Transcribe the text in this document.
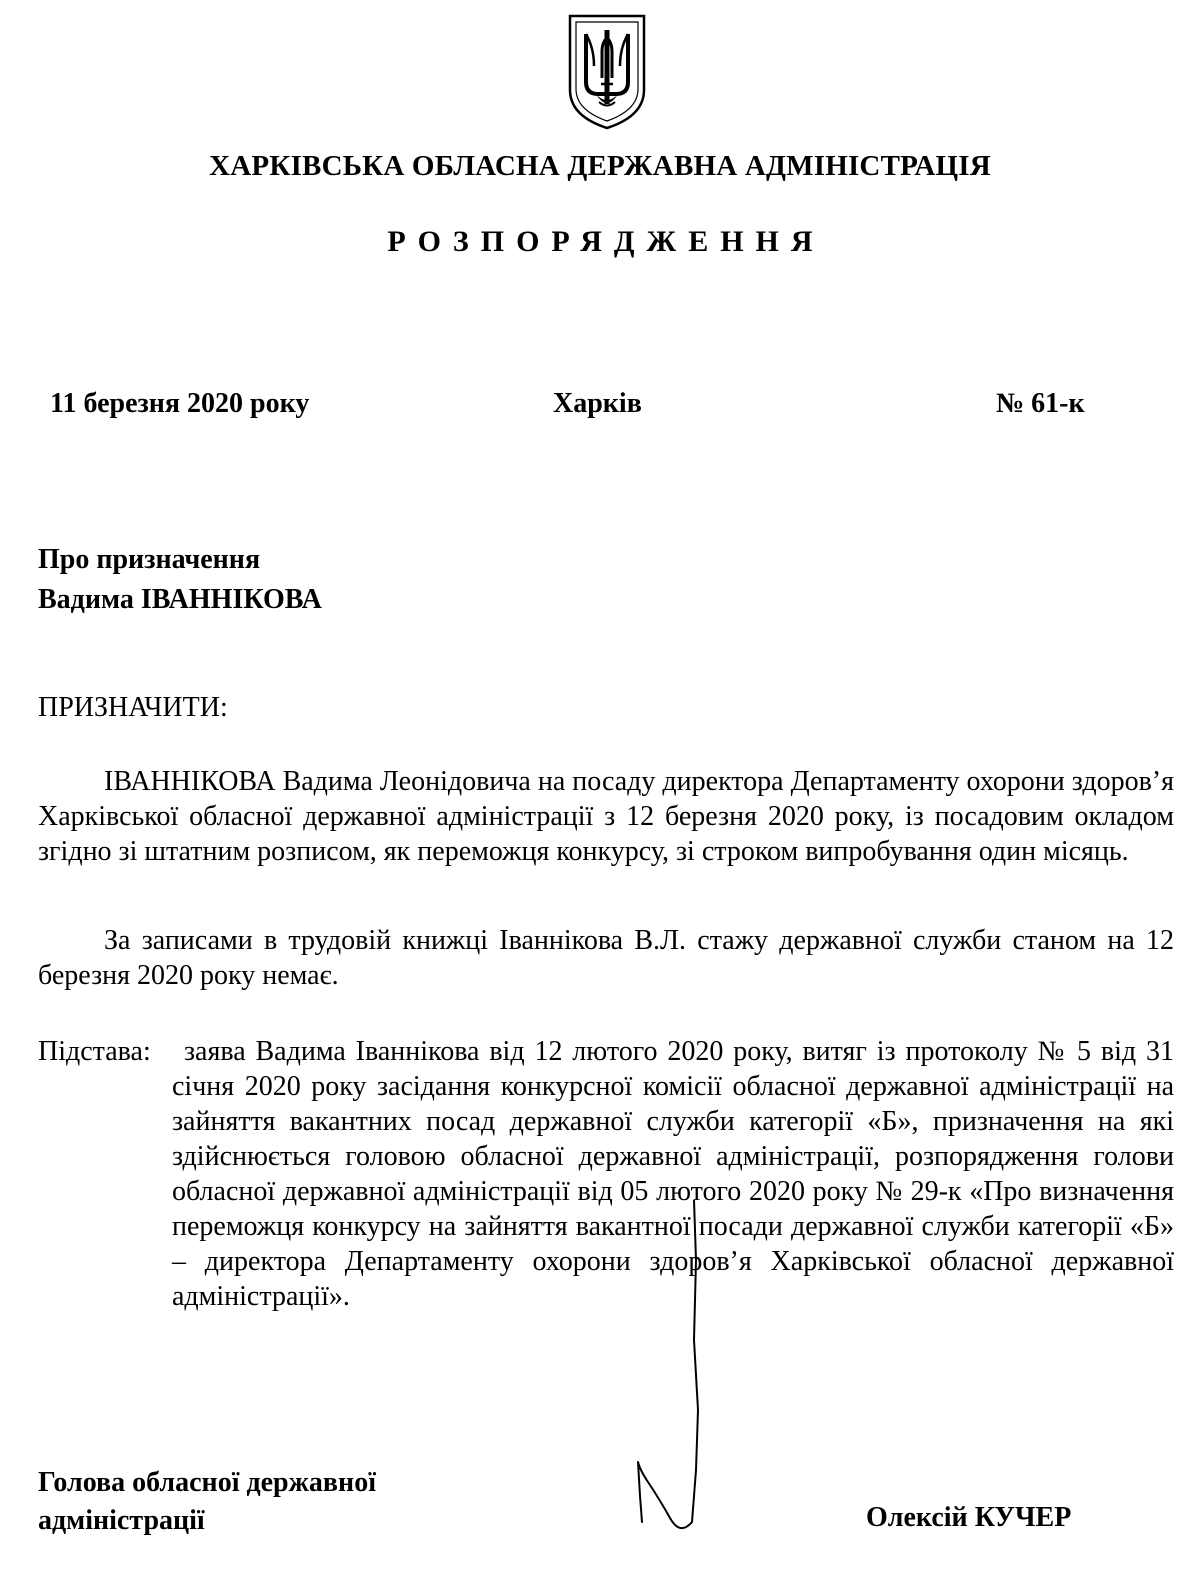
ХАРКІВСЬКА ОБЛАСНА ДЕРЖАВНА АДМІНІСТРАЦІЯ
РОЗПОРЯДЖЕННЯ
11 березня 2020 року	Харків	№ 61-к
Про призначення
Вадима ІВАННІКОВА
ПРИЗНАЧИТИ:
ІВАННІКОВА Вадима Леонідовича на посаду директора Департаменту охорони здоров’я Харківської обласної державної адміністрації з 12 березня 2020 року, із посадовим окладом згідно зі штатним розписом, як переможця конкурсу, зі строком випробування один місяць.
За записами в трудовій книжці Іваннікова В.Л. стажу державної служби станом на 12 березня 2020 року немає.
Підстава:	заява Вадима Іваннікова від 12 лютого 2020 року, витяг із протоколу № 5 від 31 січня 2020 року засідання конкурсної комісії обласної державної адміністрації на зайняття вакантних посад державної служби категорії «Б», призначення на які здійснюється головою обласної державної адміністрації, розпорядження голови обласної державної адміністрації від 05 лютого 2020 року № 29-к «Про визначення переможця конкурсу на зайняття вакантної посади державної служби категорії «Б» – директора Департаменту охорони здоров’я Харківської обласної державної адміністрації».
Голова обласної державної
адміністрації	Олексій КУЧЕР
